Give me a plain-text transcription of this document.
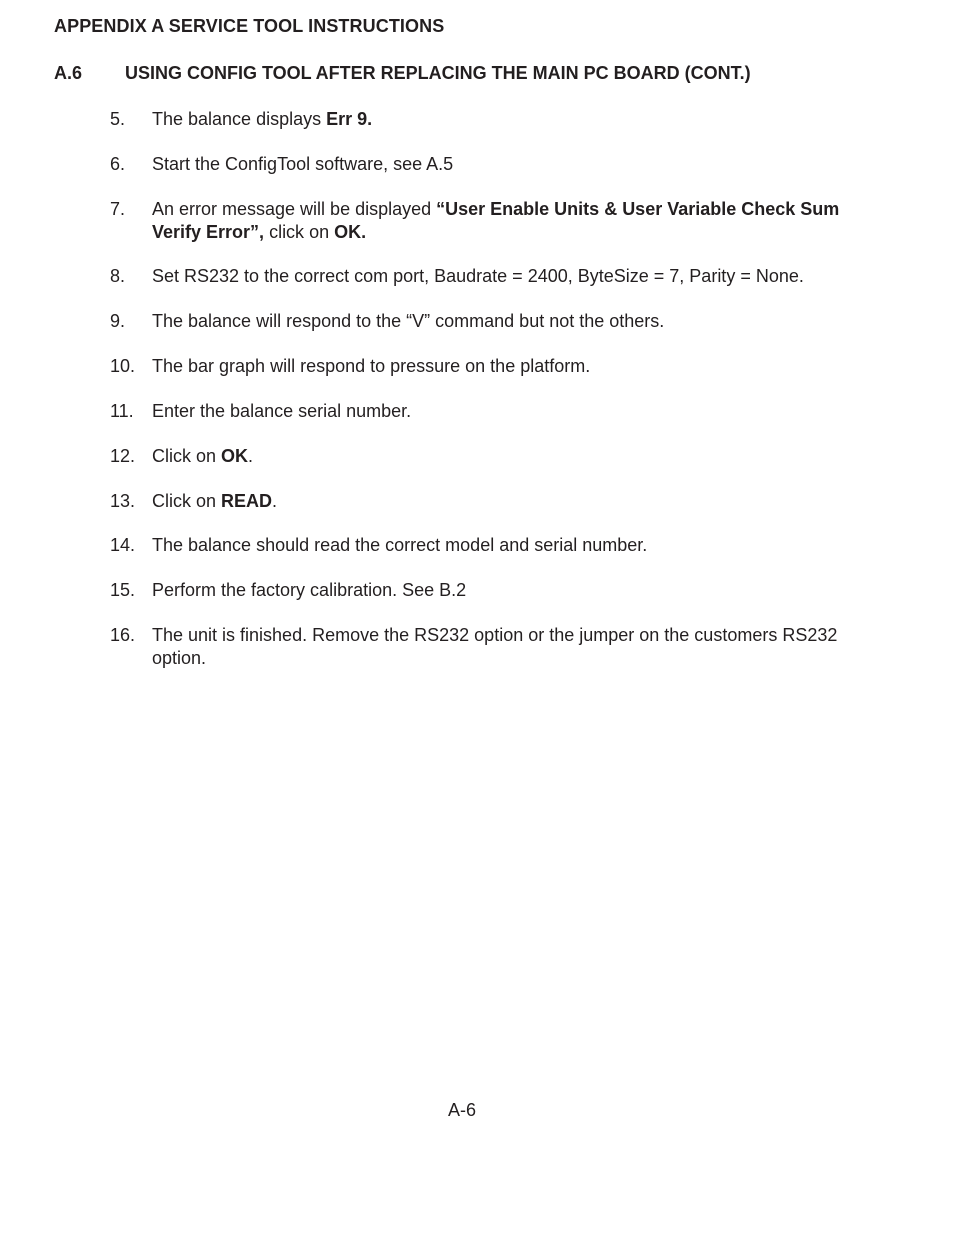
APPENDIX A SERVICE TOOL INSTRUCTIONS
A.6 USING CONFIG TOOL AFTER REPLACING THE MAIN PC BOARD (CONT.)
5. The balance displays Err 9.
6. Start the ConfigTool software, see A.5
7. An error message will be displayed “User Enable Units & User Variable Check Sum Verify Error”, click on OK.
8. Set RS232 to the correct com port, Baudrate = 2400, ByteSize = 7, Parity = None.
9. The balance will respond to the “V” command but not the others.
10. The bar graph will respond to pressure on the platform.
11. Enter the balance serial number.
12. Click on OK.
13. Click on READ.
14. The balance should read the correct model and serial number.
15. Perform the factory calibration. See B.2
16. The unit is finished. Remove the RS232 option or the jumper on the customers RS232 option.
A-6
